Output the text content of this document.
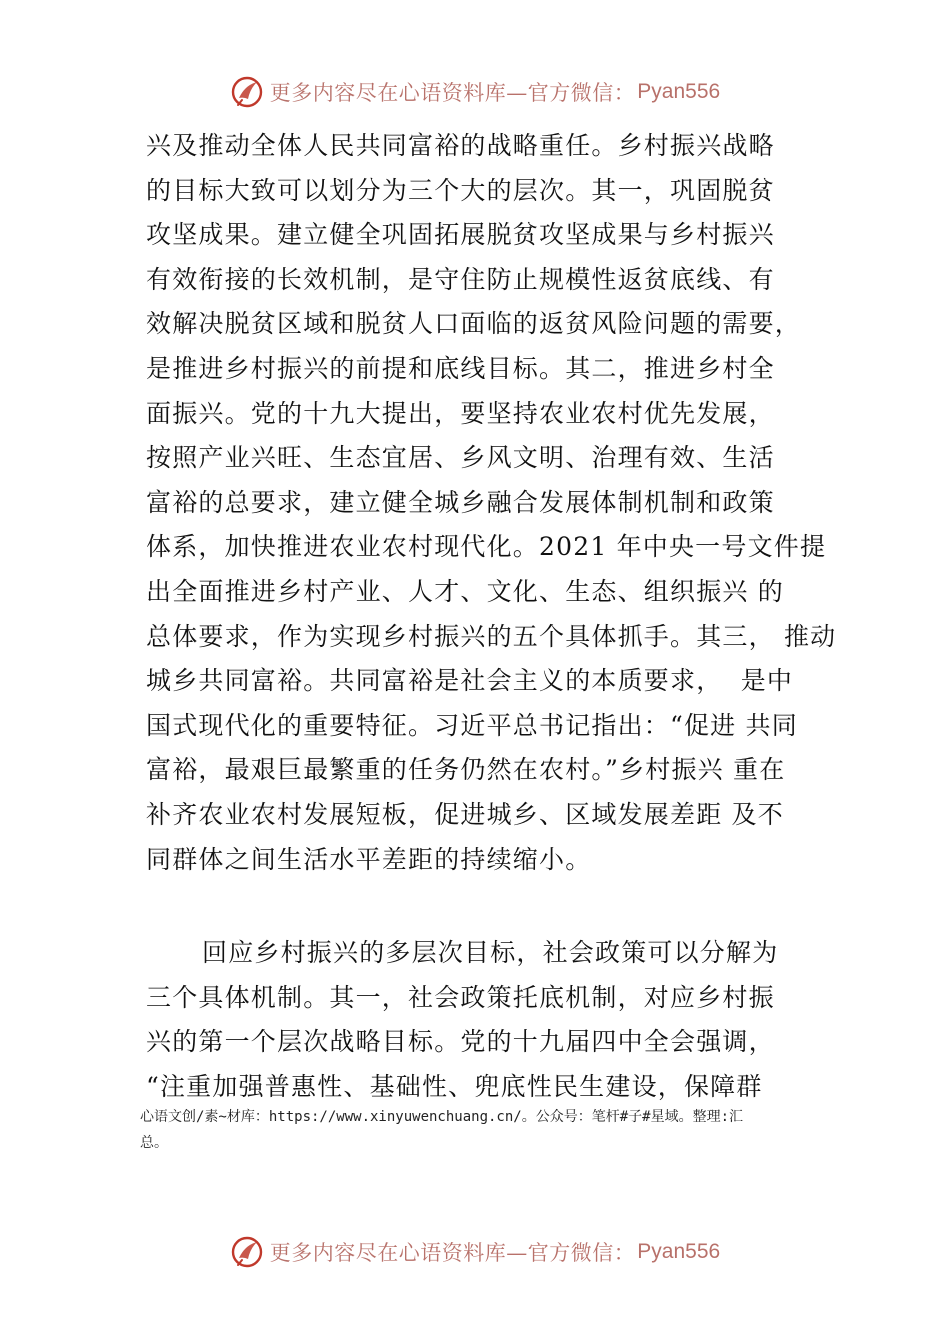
更多内容尽在心语资料库—官方微信： Pyan556
兴及推动全体人民共同富裕的战略重任。乡村振兴战略
的目标大致可以划分为三个大的层次。其一，巩固脱贫
攻坚成果。建立健全巩固拓展脱贫攻坚成果与乡村振兴
有效衔接的长效机制，是守住防止规模性返贫底线、有
效解决脱贫区域和脱贫人口面临的返贫风险问题的需要，
是推进乡村振兴的前提和底线目标。其二，推进乡村全
面振兴。党的十九大提出，要坚持农业农村优先发展，
按照产业兴旺、生态宜居、乡风文明、治理有效、生活
富裕的总要求，建立健全城乡融合发展体制机制和政策
体系，加快推进农业农村现代化。2021 年中央一号文件提
出全面推进乡村产业、人才、文化、生态、组织振兴 的
总体要求，作为实现乡村振兴的五个具体抓手。其三， 推动
城乡共同富裕。共同富裕是社会主义的本质要求，  是中
国式现代化的重要特征。习近平总书记指出：“促进 共同
富裕，最艰巨最繁重的任务仍然在农村。”乡村振兴 重在
补齐农业农村发展短板，促进城乡、区域发展差距 及不
同群体之间生活水平差距的持续缩小。
回应乡村振兴的多层次目标，社会政策可以分解为
三个具体机制。其一，社会政策托底机制，对应乡村振
兴的第一个层次战略目标。党的十九届四中全会强调，
“注重加强普惠性、基础性、兜底性民生建设，保障群
心语文创/素~材库：https://www.xinyuwenchuang.cn/。公众号：笔杆#子#星域。整理:汇
总。
更多内容尽在心语资料库—官方微信： Pyan556
